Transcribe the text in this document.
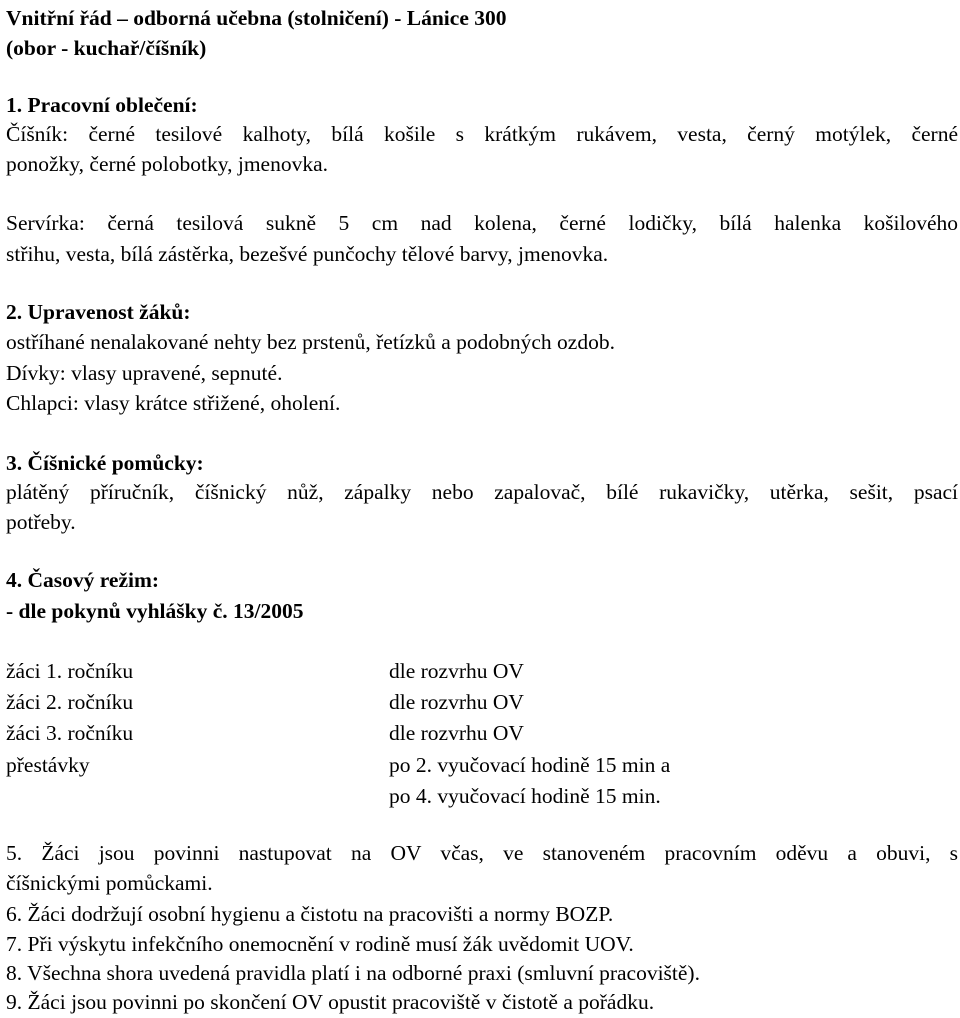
Vnitřní řád – odborná učebna (stolničení) - Lánice 300
(obor - kuchař/číšník)
1. Pracovní oblečení:
Číšník: černé tesilové kalhoty, bílá košile s krátkým rukávem, vesta, černý motýlek, černé
ponožky, černé polobotky, jmenovka.
Servírka: černá tesilová sukně 5 cm nad kolena, černé lodičky, bílá halenka košilového
střihu, vesta, bílá zástěrka, bezešvé punčochy tělové barvy, jmenovka.
2. Upravenost žáků:
ostříhané nenalakované nehty bez prstenů, řetízků a podobných ozdob.
Dívky: vlasy upravené, sepnuté.
Chlapci: vlasy krátce střižené, oholení.
3. Číšnické pomůcky:
plátěný příručník, číšnický nůž, zápalky nebo zapalovač, bílé rukavičky, utěrka, sešit, psací
potřeby.
4. Časový režim:
- dle pokynů vyhlášky č. 13/2005
žáci 1. ročníku	dle rozvrhu OV
žáci 2. ročníku	dle rozvrhu OV
žáci 3. ročníku	dle rozvrhu OV
přestávky	po 2. vyučovací hodině 15 min a
po 4. vyučovací hodině 15 min.
5. Žáci jsou povinni nastupovat na OV včas, ve stanoveném pracovním oděvu a obuvi, s
číšnickými pomůckami.
6. Žáci dodržují osobní hygienu a čistotu na pracovišti a normy BOZP.
7. Při výskytu infekčního onemocnění v rodině musí žák uvědomit UOV.
8. Všechna shora uvedená pravidla platí i na odborné praxi (smluvní pracoviště).
9. Žáci jsou povinni po skončení OV opustit pracoviště v čistotě a pořádku.
